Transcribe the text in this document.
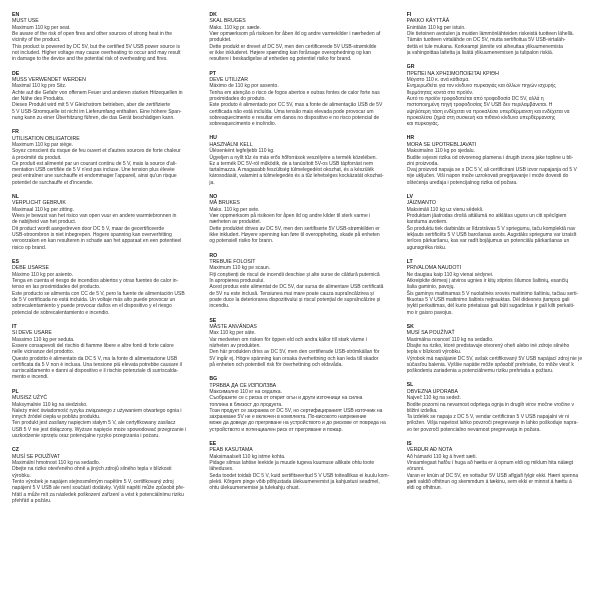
EN
MUST USE
Maximum 110 kg per seat.
Be aware of the risk of open fires and other sources of strong heat in the
vicinity of the product.
This product is powered by DC 5V, but the certified 5V USB power source is
not included. Higher voltage may cause overheating to occur and may result
in damage to the device and the potential risk of overheating and fires.
DE
MUSS VERWENDET WERDEN
Maximal 110 kg pro Sitz.
Achte auf die Gefahr von offenem Feuer und anderen starken Hitzequellen in
der Nähe des Produkts.
Dieses Produkt wird mit 5 V Gleichstrom betrieben, aber die zertifizierte
5 V USB-Stromquelle ist nicht im Lieferumfang enthalten. Eine höhere Span-
nung kann zu einer Überhitzung führen, die das Gerät beschädigen kann.
FR
UTILISATION OBLIGATOIRE
Maximum 110 kg par siège.
Soyez conscient du risque de feu ouvert et d'autres sources de forte chaleur
à proximité du produit.
Ce produit est alimenté par un courant continu de 5 V, mais la source d'ali-
mentation USB certifiée de 5 V n'est pas incluse. Une tension plus élevée
peut entraîner une surchauffe et endommager l'appareil, ainsi qu'un risque
potentiel de surchauffe et d'incendie.
NL
VERPLICHT GEBRUIK
Maximaal 110 kg per zitting.
Wees je bewust van het risico van open vuur en andere warmtebronnen in
de nabijheid van het product.
Dit product wordt aangedreven door DC 5 V, maar de gecertificeerde
USB-stroombron is niet inbegrepen. Hogere spanning kan oververhitting
veroorzaken en kan resulteren in schade aan het apparaat en een potentieel
risico op brand.
ES
DEBE USARSE
Máximo 110 kg por asiento.
Tenga en cuenta el riesgo de incendios abiertos y otras fuentes de calor in-
tenso en las proximidades del producto.
Este producto se alimenta con CC de 5 V, pero la fuente de alimentación USB
de 5 V certificada no está incluida. Un voltaje más alto puede provocar un
sobrecalentamiento y puede provocar daños en el dispositivo y el riesgo
potencial de sobrecalentamiento e incendio.
IT
SI DEVE USARE
Massimo 110 kg per seduta.
Essere consapevoli del rischio di fiamme libere e altre fonti di forte calore
nelle vicinanze del prodotto.
Questo prodotto è alimentato da DC 5 V, ma la fonte di alimentazione USB
certificata da 5 V non è inclusa. Una tensione più elevata potrebbe causare il
surriscaldamento e danni al dispositivo e il rischio potenziale di surriscalda-
mento e incendi.
PL
MUSISZ UŻYĆ
Maksymalnie 110 kg na siedzisko.
Należy mieć świadomość ryzyka związanego z używaniem otwartego ognia i
innych źródeł ciepła w pobliżu produktu.
Ten produkt jest zasilany napięciem stałym 5 V, ale certyfikowany zasilacz
USB 5 V nie jest dołączony. Wyższe napięcie może spowodować przegrzanie i
uszkodzenie sprzętu oraz potencjalne ryzyko przegrzania i pożaru.
CZ
MUSÍ SE POUŽÍVAT
Maximální hmotnost 110 kg na sedadlo.
Dbejte na riziko otevřeného ohně a jiných zdrojů silného tepla v blízkosti
výrobku.
Tento výrobek je napájen stejnosměrným napětím 5 V, certifikovaný zdroj
napájení 5 V USB ale není součástí dodávky. Vyšší napětí může způsobit pře-
hřátí a může mít za následek poškození zařízení a vést k potenciálnímu riziku
přehřátí a požáru.
DK
SKAL BRUGES
Maks. 110 kg pr. sæde.
Vær opmærksom på risikoen for åben ild og andre varmekilder i nærheden af
produktet.
Dette produkt er drevet af DC 5V, men den certificerede 5V USB-strømkilde
er ikke inkluderet. Højere spænding kan forårsage overophedning og kan
resultere i beskadigelse af enheden og potentiel risiko for brand.
PT
DEVE UTILIZAR
Máximo de 110 kg por assento.
Tenha em atenção o risco de fogos abertos e outras fontes de calor forte nas
proximidades do produto.
Este produto é alimentado por CC 5V, mas a fonte de alimentação USB de 5V
certificada não está incluída. Uma tensão mais elevada pode provocar um
sobreaquecimento e resultar em danos no dispositivo e no risco potencial de
sobreaquecimento e incêndio.
HU
HASZNÁLNI KELL
Ülésenként legfeljebb 110 kg.
Ügyeljen a nyílt tűz és más erős hőforrások veszélyére a termék közelében.
Ez a termék DC 5V-ról működik, de a tanúsított 5V-os USB tápforrást nem
tartalmazza. A magasabb feszültség túlmelegedést okozhat, és a készülék
károsodását, valamint a túlmelegedés és a tűz lehetséges kockázatát okozhat-
ja.
NO
MÅ BRUKES
Maks. 110 kg per sete.
Vær oppmerksom på risikoen for åpen ild og andre kilder til sterk varme i
nærheten av produktet.
Dette produktet drives av DC 5V, men den sertifiserte 5V USB-strømkilden er
ikke inkludert. Høyere spenning kan føre til overoppheting, skade på enheten
og potensiell risiko for brann.
RO
TREBUIE FOLOSIT
Maximum 110 kg pe scaun.
Fiți conștienți de riscul de incendii deschise și alte surse de căldură puternică
în apropierea produsului.
Acest produs este alimentat de DC 5V, dar sursa de alimentare USB certificată
de 5V nu este inclusă. Tensiunea mai mare poate cauza supraîncălzirea și
poate duce la deteriorarea dispozitivului și riscul potențial de supraîncălzire și
incendiu.
SE
MÅSTE ANVÄNDAS
Max 110 kg per säte.
Var medveten om risken för öppen eld och andra källor till stark värme i
närheten av produkten.
Den här produkten drivs av DC 5V, men den certifierade USB-strömkällan för
5V ingår ej. Högre spänning kan orsaka överhettning och kan leda till skador
på enheten och potentiell risk för överhettning och eldsvåda.
BG
ТРЯБВА ДА СЕ ИЗПОЛЗВА
Максимално 110 кг на седалка.
Съобразете се с риска от открит огън и други източници на силна
топлина в близост до продукта.
Този продукт се захранва от DC 5V, но сертифицираният USB източник на
захранване 5V не е включен в комплекта. По-високото напрежение
може да доведе до прегряване на устройството и до рискове от повреда на
устройството и потенциален риск от прегряване и пожар.
EE
PEAB KASUTAMA
Maksimaalselt 110 kg istme kohta.
Pidage silmas lahtise leekide ja muude tugeva kuumuse allikate ohtu toote
läheduses.
Seda toodet toidab DC 5 V, kuid sertifitseeritud 5 V USB toiteallikas ei kuulu kom-
plekti. Kõrgem pinge võib põhjustada ülekuumenemist ja kahjustusi seadmel,
ohtu ülekuumenemise ja tulekahju ohust.
FI
PAKKO KÄYTTÄÄ
Enintään 110 kg per istuin.
Ole tietoinen avotulen ja muiden lämmönlähteiden riskeistä tuotteen lähellä.
Tämän tuotteen virtalähde on DC 5V, mutta sertifioitua 5V USB-virtaläh-
dettä ei tule mukana. Korkeampi jännite voi aiheuttaa ylikuumenemista
ja vahingoittaa laitetta ja lisätä ylikuumenemisen ja tulipalon riskiä.
GR
ΠΡΕΠΕΙ ΝΑ ΧΡΗΣΙΜΟΠΟΙΕΙΤΑΙ ΚΡΙΘΗ
Μέγιστο 110 κ. ανά κάθισμα.
Ενημερωθείτε για τον κίνδυνο πυρκαγιάς και άλλων πηγών ισχυρής
θερμότητας κοντά στο προϊόν.
Αυτό το προϊόν τροφοδοτείται από τροφοδοσία DC 5V, αλλά η
πιστοποιημένη πηγή τροφοδοσίας 5V USB δεν περιλαμβάνεται. Η
υψηλότερη τάση ενδέχεται να προκαλέσει υπερθέρμανση και ενδέχεται να
προκαλέσει ζημιά στη συσκευή και πιθανό κίνδυνο υπερθέρμανσης
και πυρκαγιάς.
HR
MORA SE UPOTREBLJAVATI
Maksimalno 110 kg po sjedalu.
Budite svjesni rizika od otvorenog plamena i drugih izvora jake topline u bli-
zini proizvoda.
Ovaj proizvod napaja se s DC 5 V, ali certificirani USB izvor napajanja od 5 V
nije uključen. Viši napon može uzrokovati pregrijavanje i može dovesti do
oštećenja uređaja i potencijalnog rizika od požara.
LV
JĀIZMANTO
Maksimāli 110 kg uz vienu sēdekli.
Produktam jāatrodas drošā attālumā no atklātas uguns un citi spēcīgiem
karstuma avotiem.
Šo produktu tiek darbināts ar līdzstrāvas 5 V spriegumu, taču komplektā nav
iekļauts sertificēts 5 V USB barošanas avots. Augstāks spriegums var izraisīt
ierīces pārkaršanu, kas var radīt bojājumus un potenciālu pārkaršanas un
ugunsgrēka risku.
LT
PRIVALOMA NAUDOTI
Ne daugiau kaip 110 kg vienai sėdynei.
Atkreipkite dėmesį į atviros ugnies ir kitų stiprios šilumos šaltinių, esančių
šalia gaminio, pavojų.
Šis gaminys maitinamas 5 V nuolatinės srovės maitinimo šaltiniu, tačiau serti-
fikuotas 5 V USB maitinimo šaltinis neįtrauktas. Dėl didesnės įtampos gali
įvykti perkaitimas, dėl kurio prietaisas gali būti sugadintas ir gali kilti perkaiti-
mo ir gaisro pavojus.
SK
MUSÍ SA POUŽÍVAŤ
Maximálna nosnosť 110 kg na sedadlo.
Dbajte na riziko, ktoré predstavuje otvorený oheň alebo iné zdroje silného
tepla v blízkosti výrobku.
Výrobok má napájanie DC 5V, avšak certifikovaný 5V USB napájací zdroj nie je
súčasťou balenia. Vyššie napätie môže spôsobiť prehriatie, čo môže viesť k
poškodeniu zariadenia a potenciálnemu riziku prehriatia a požiaru.
SL
OBVEZNA UPORABA
Največ 110 kg na sedež.
Bodite pozorni na nevarnost odprtega ognja in drugih virov močne vročine v
bližini izdelka.
Ta izdelek se napaja z DC 5 V, vendar certificiran 5 V USB napajalni vir ni
priložen. Višja napetost lahko povzroči pregrevanje in lahko poškoduje napra-
vo ter povzroči potencialno nevarnost pregrevanja in požara.
IS
VERÐUR AÐ NOTA
Að hámarki 110 kg á hvert sæti.
Vinsamlegast hafðu í huga að hætta er á opnum eldi og miklum hita nálægt
vörunni.
Varan er knúin af DC 5V, en vottaður 5V USB aflgjafi fylgir ekki. Hærri spenna
gæti valdið ofhitnun og skemmdum á tækinu, sem ekki er minnst á hættu á
eldi og ofhitnun.
